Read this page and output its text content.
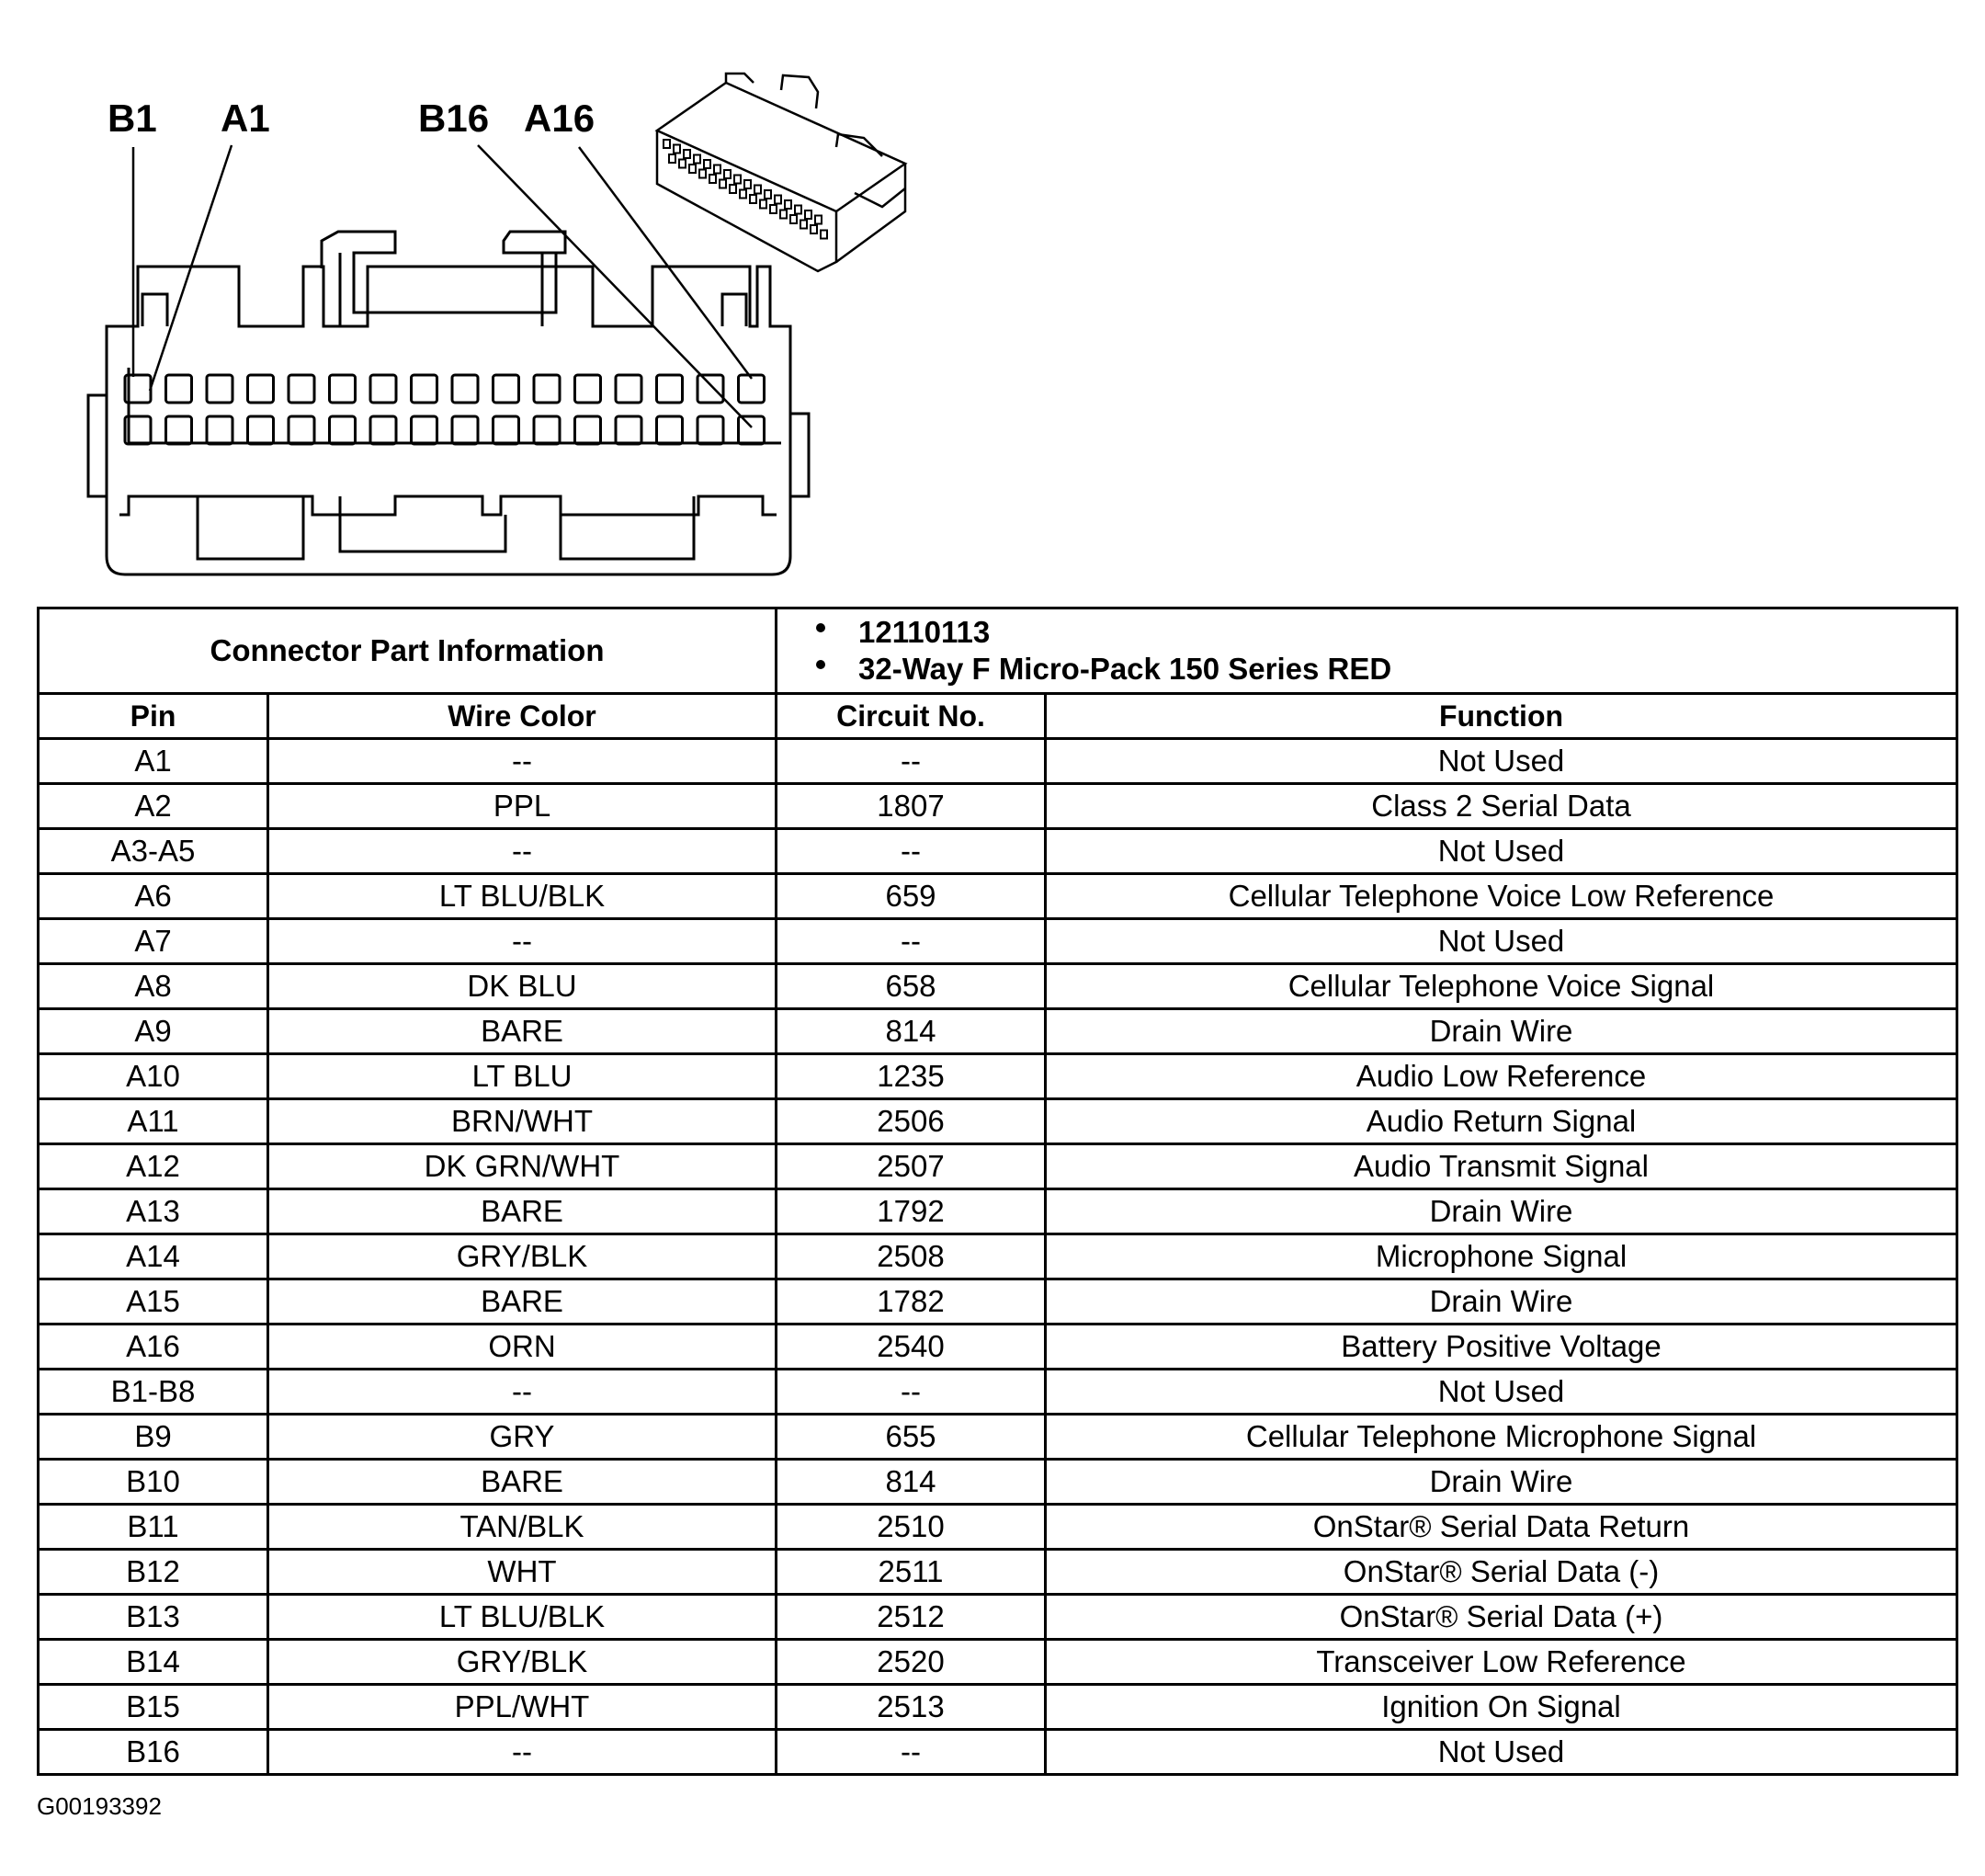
B1 A1	B16 A16
Connector Part Information		12110113
32-Way F Micro-Pack 150 Series RED	

Pin	Wire Color	Circuit No.	Function
A1	--	--	Not Used
A2	PPL	1807	Class 2 Serial Data
A3-A5	--	--	Not Used
A6	LT BLU/BLK	659	Cellular Telephone Voice Low Reference
A7	--	--	Not Used
A8	DK BLU	658	Cellular Telephone Voice Signal
A9	BARE	814	Drain Wire
A10	LT BLU	1235	Audio Low Reference
A11	BRN/WHT	2506	Audio Return Signal
A12	DK GRN/WHT	2507	Audio Transmit Signal
A13	BARE	1792	Drain Wire
A14	GRY/BLK	2508	Microphone Signal
A15	BARE	1782	Drain Wire
A16	ORN	2540	Battery Positive Voltage
B1-B8	--	--	Not Used
B9	GRY	655	Cellular Telephone Microphone Signal
B10	BARE	814	Drain Wire
B11	TAN/BLK	2510	OnStar® Serial Data Return
B12	WHT	2511	OnStar® Serial Data (-)
B13	LT BLU/BLK	2512	OnStar® Serial Data (+)
B14	GRY/BLK	2520	Transceiver Low Reference
B15	PPL/WHT	2513	Ignition On Signal
B16	--	--	Not Used
G00193392
